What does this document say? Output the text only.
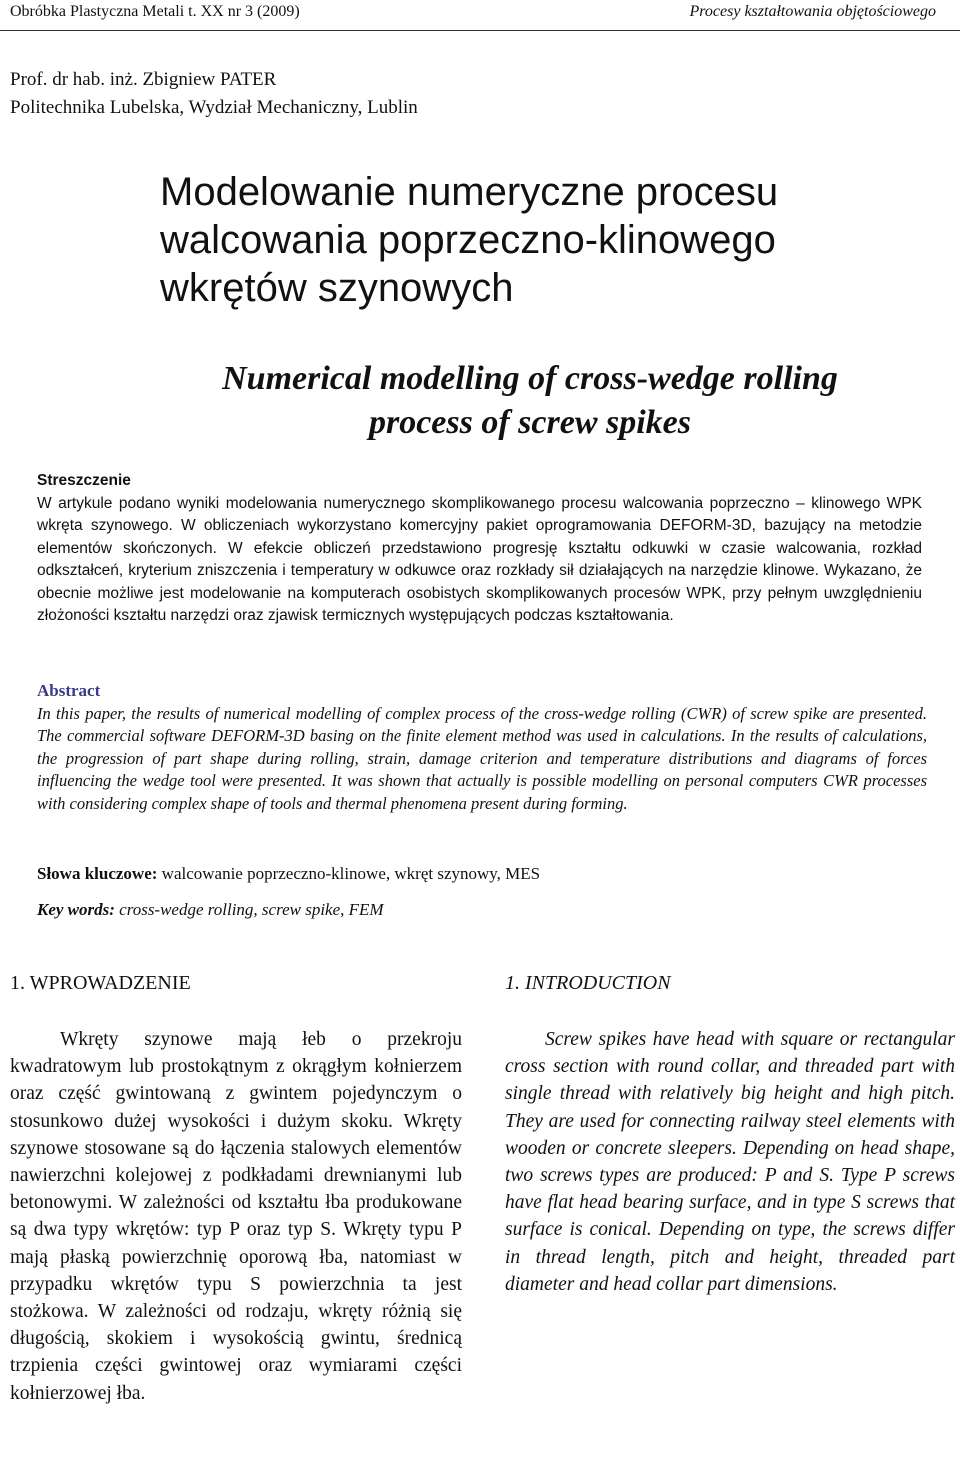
Obróbka Plastyczna Metali t. XX nr 3 (2009)	Procesy kształtowania objętościowego
Prof. dr hab. inż. Zbigniew PATER
Politechnika Lubelska, Wydział Mechaniczny, Lublin
Modelowanie numeryczne procesu walcowania poprzeczno-klinowego wkrętów szynowych
Numerical modelling of cross-wedge rolling process of screw spikes
Streszczenie
W artykule podano wyniki modelowania numerycznego skomplikowanego procesu walcowania poprzeczno – klinowego WPK wkręta szynowego. W obliczeniach wykorzystano komercyjny pakiet oprogramowania DEFORM-3D, bazujący na metodzie elementów skończonych. W efekcie obliczeń przedstawiono progresję kształtu odkuwki w czasie walcowania, rozkład odkształceń, kryterium zniszczenia i temperatury w odkuwce oraz rozkłady sił działających na narzędzie klinowe. Wykazano, że obecnie możliwe jest modelowanie na komputerach osobistych skomplikowanych procesów WPK, przy pełnym uwzględnieniu złożoności kształtu narzędzi oraz zjawisk termicznych występujących podczas kształtowania.
Abstract
In this paper, the results of numerical modelling of complex process of the cross-wedge rolling (CWR) of screw spike are presented. The commercial software DEFORM-3D basing on the finite element method was used in calculations. In the results of calculations, the progression of part shape during rolling, strain, damage criterion and temperature distributions and diagrams of forces influencing the wedge tool were presented. It was shown that actually is possible modelling on personal computers CWR processes with considering complex shape of tools and thermal phenomena present during forming.
Słowa kluczowe: walcowanie poprzeczno-klinowe, wkręt szynowy, MES
Key words: cross-wedge rolling, screw spike, FEM
1. WPROWADZENIE

Wkręty szynowe mają łeb o przekroju kwadratowym lub prostokątnym z okrągłym kołnierzem oraz część gwintowaną z gwintem pojedynczym o stosunkowo dużej wysokości i dużym skoku. Wkręty szynowe stosowane są do łączenia stalowych elementów nawierzchni kolejowej z podkładami drewnianymi lub betonowymi. W zależności od kształtu łba produkowane są dwa typy wkrętów: typ P oraz typ S. Wkręty typu P mają płaską powierzchnię oporową łba, natomiast w przypadku wkrętów typu S powierzchnia ta jest stożkowa. W zależności od rodzaju, wkręty różnią się długością, skokiem i wysokością gwintu, średnicą trzpienia części gwintowej oraz wymiarami części kołnierzowej łba.

1. INTRODUCTION

Screw spikes have head with square or rectangular cross section with round collar, and threaded part with single thread with relatively big height and high pitch. They are used for connecting railway steel elements with wooden or concrete sleepers. Depending on head shape, two screws types are produced: P and S. Type P screws have flat head bearing surface, and in type S screws that surface is conical. Depending on type, the screws differ in thread length, pitch and height, threaded part diameter and head collar part dimensions.
